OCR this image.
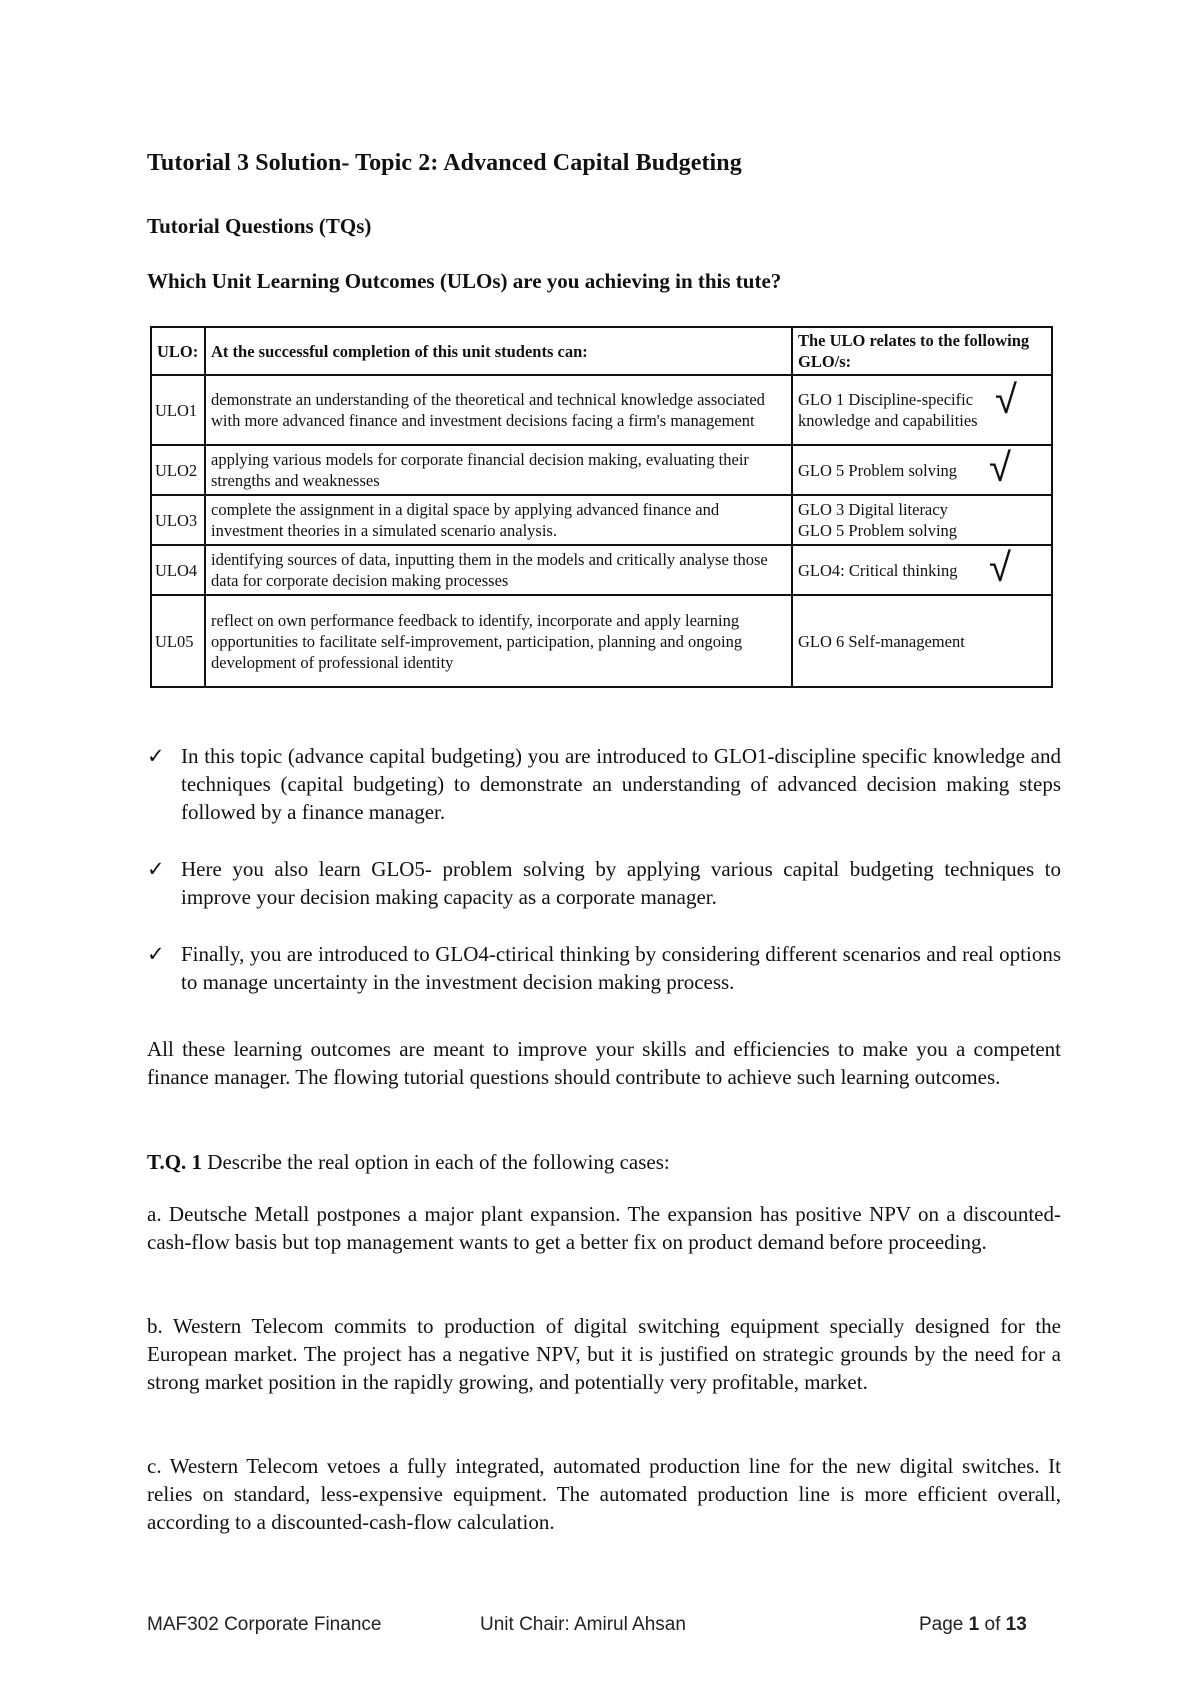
Tutorial 3 Solution- Topic 2: Advanced Capital Budgeting
Tutorial Questions (TQs)
Which Unit Learning Outcomes (ULOs) are you achieving in this tute?
ULO:	At the successful completion of this unit students can:	The ULO relates to the following GLO/s:
ULO1	demonstrate an understanding of the theoretical and technical knowledge associated with more advanced finance and investment decisions facing a firm's management	GLO 1 Discipline-specific knowledge and capabilities √

ULO2	applying various models for corporate financial decision making, evaluating their strengths and weaknesses	GLO 5 Problem solving √

ULO3	complete the assignment in a digital space by applying advanced finance and investment theories in a simulated scenario analysis.	GLO 3 Digital literacy
GLO 5 Problem solving

ULO4	identifying sources of data, inputting them in the models and critically analyse those data for corporate decision making processes	GLO4: Critical thinking √

UL05	reflect on own performance feedback to identify, incorporate and apply learning opportunities to facilitate self-improvement, participation, planning and ongoing development of professional identity	GLO 6 Self-management
✓ In this topic (advance capital budgeting) you are introduced to GLO1-discipline specific knowledge and techniques (capital budgeting) to demonstrate an understanding of advanced decision making steps followed by a finance manager.
✓ Here you also learn GLO5- problem solving by applying various capital budgeting techniques to improve your decision making capacity as a corporate manager.
✓ Finally, you are introduced to GLO4-ctirical thinking by considering different scenarios and real options to manage uncertainty in the investment decision making process.
All these learning outcomes are meant to improve your skills and efficiencies to make you a competent finance manager. The flowing tutorial questions should contribute to achieve such learning outcomes.
T.Q. 1 Describe the real option in each of the following cases:
a. Deutsche Metall postpones a major plant expansion. The expansion has positive NPV on a discounted-cash-flow basis but top management wants to get a better fix on product demand before proceeding.
b. Western Telecom commits to production of digital switching equipment specially designed for the European market. The project has a negative NPV, but it is justified on strategic grounds by the need for a strong market position in the rapidly growing, and potentially very profitable, market.
c. Western Telecom vetoes a fully integrated, automated production line for the new digital switches. It relies on standard, less-expensive equipment. The automated production line is more efficient overall, according to a discounted-cash-flow calculation.
MAF302 Corporate Finance	Unit Chair: Amirul Ahsan	Page 1 of 13
